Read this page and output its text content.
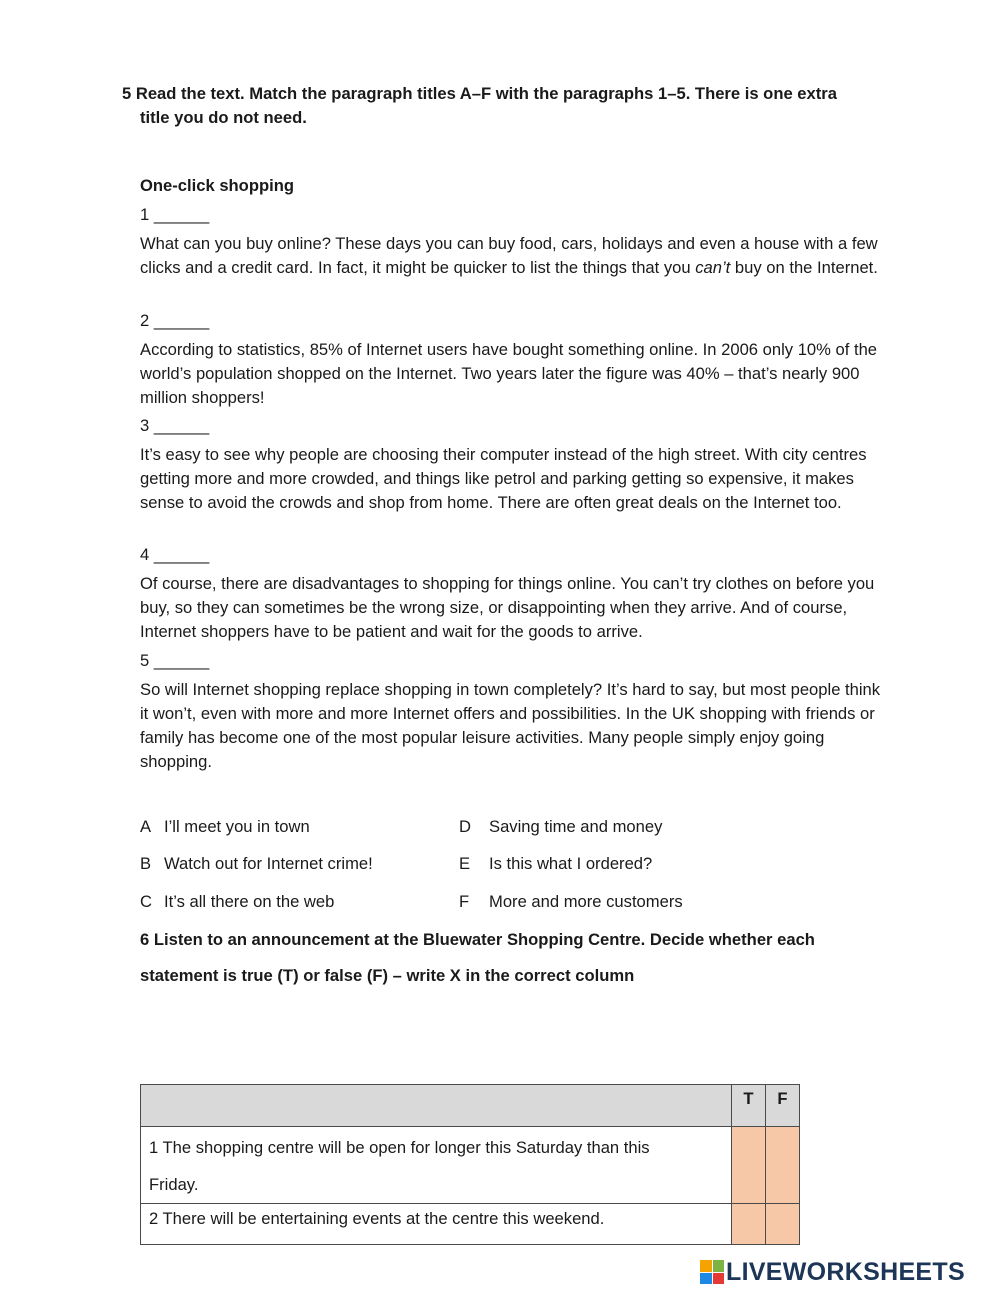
5 Read the text. Match the paragraph titles A–F with the paragraphs 1–5. There is one extra
title you do not need.
One-click shopping
1 ______
What can you buy online? These days you can buy food, cars, holidays and even a house with a few clicks and a credit card. In fact, it might be quicker to list the things that you can’t buy on the Internet.
2 ______
According to statistics, 85% of Internet users have bought something online. In 2006 only 10% of the world’s population shopped on the Internet. Two years later the figure was 40% – that’s nearly 900 million shoppers!
3 ______
It’s easy to see why people are choosing their computer instead of the high street. With city centres getting more and more crowded, and things like petrol and parking getting so expensive, it makes sense to avoid the crowds and shop from home. There are often great deals on the Internet too.
4 ______
Of course, there are disadvantages to shopping for things online. You can’t try clothes on before you buy, so they can sometimes be the wrong size, or disappointing when they arrive. And of course, Internet shoppers have to be patient and wait for the goods to arrive.
5 ______
So will Internet shopping replace shopping in town completely? It’s hard to say, but most people think it won’t, even with more and more Internet offers and possibilities. In the UK shopping with friends or family has become one of the most popular leisure activities. Many people simply enjoy going shopping.
A I’ll meet you in town
B Watch out for Internet crime!
C It’s all there on the web
D Saving time and money
E Is this what I ordered?
F More and more customers
6 Listen to an announcement at the Bluewater Shopping Centre. Decide whether each
statement is true (T) or false (F) – write X in the correct column
	T	F

1 The shopping centre will be open for longer this Saturday than this
Friday.		

2 There will be entertaining events at the centre this weekend.		

LIVEWORKSHEETS
